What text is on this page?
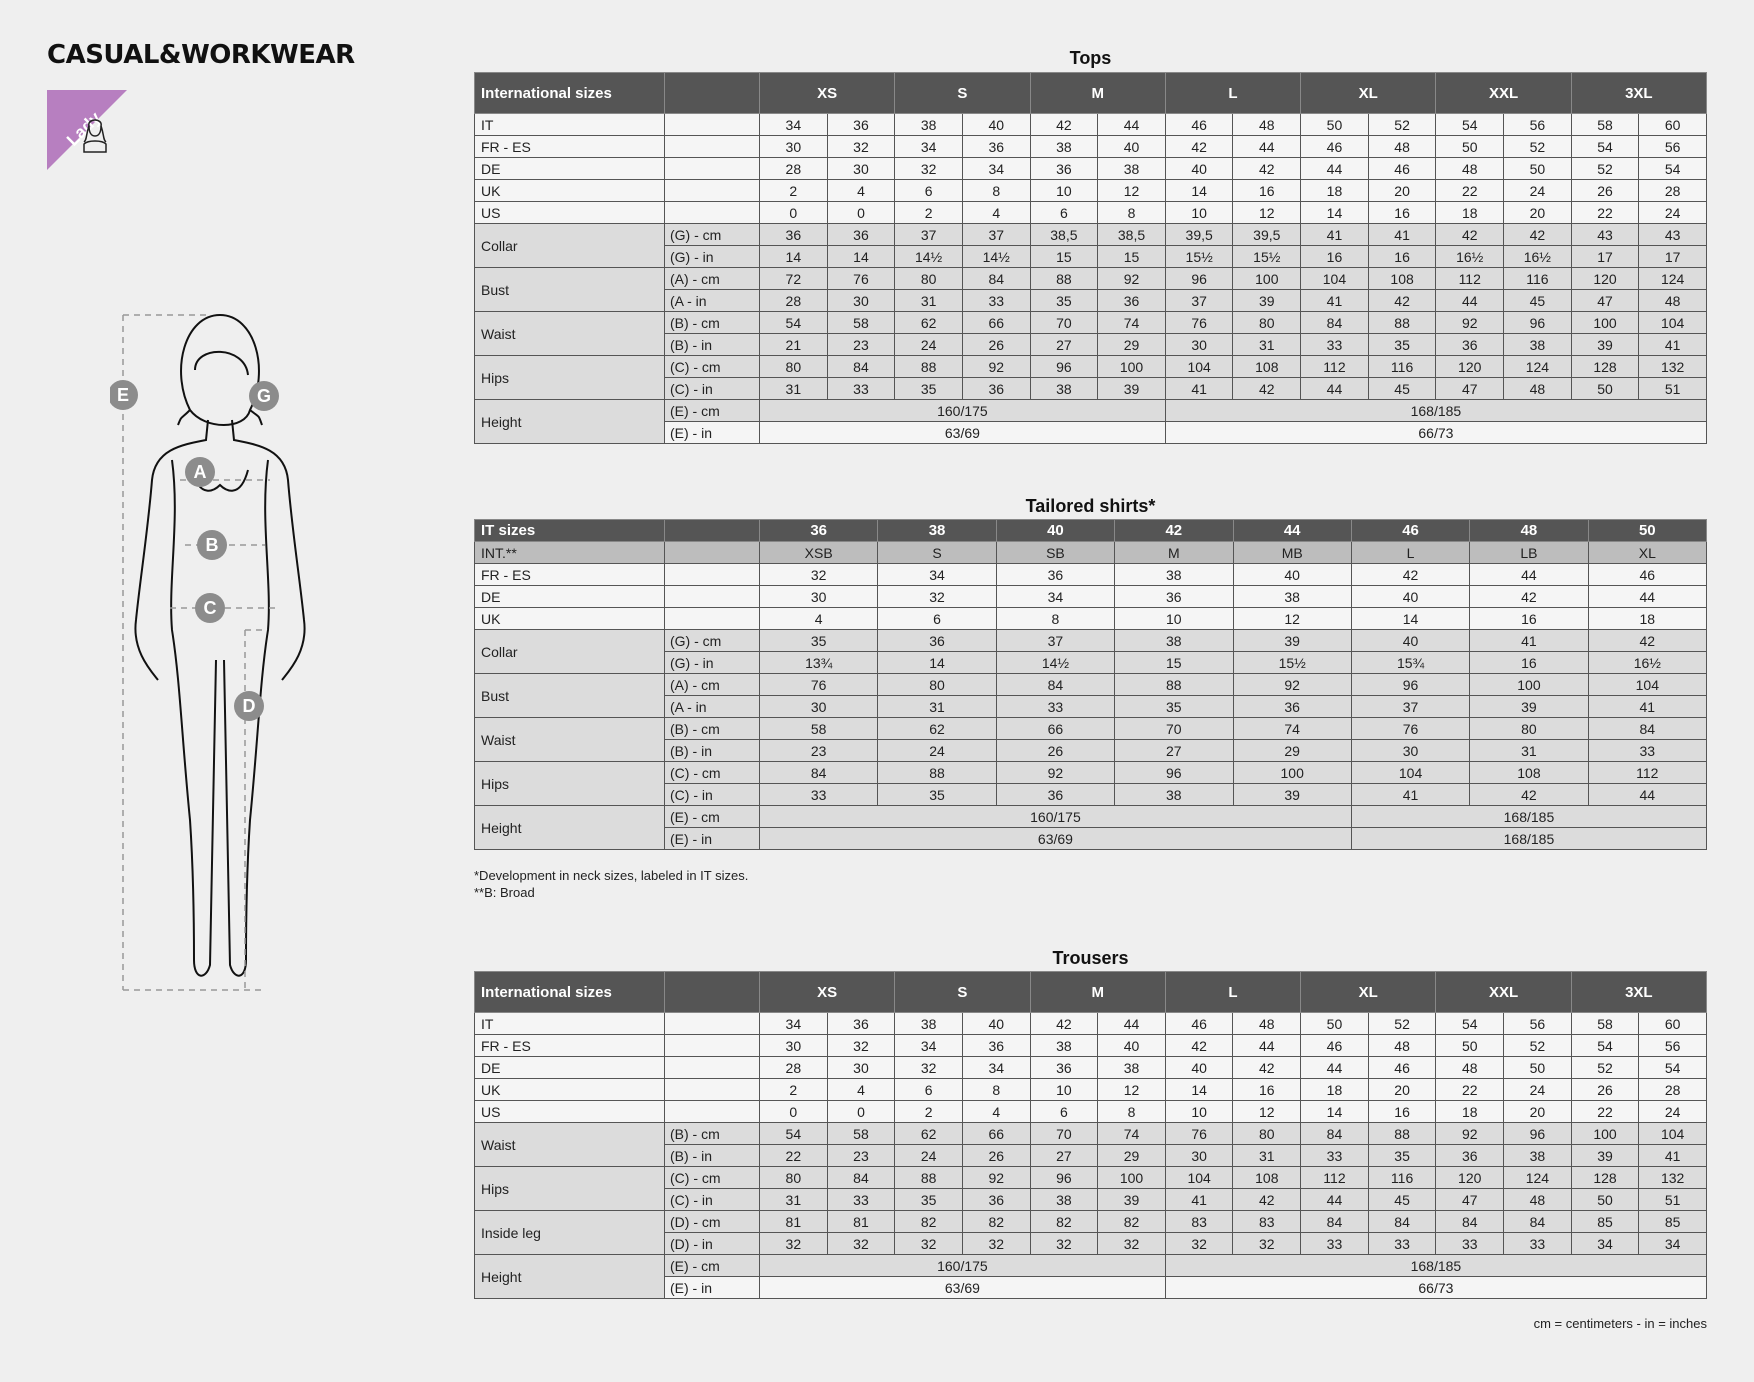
CASUAL&WORKWEAR
Lady
E	G
A
B
C
D
Tops
International sizes		XS		S		M		L		XL		XXL		3XL	
IT		34	36	38	40	42	44	46	48	50	52	54	56	58	60
FR - ES		30	32	34	36	38	40	42	44	46	48	50	52	54	56
DE		28	30	32	34	36	38	40	42	44	46	48	50	52	54
UK		2	4	6	8	10	12	14	16	18	20	22	24	26	28
US		0	0	2	4	6	8	10	12	14	16	18	20	22	24
Collar	(G) - cm	36	36	37	37	38,5	38,5	39,5	39,5	41	41	42	42	43	43
	(G) - in	14	14	14½	14½	15	15	15½	15½	16	16	16½	16½	17	17
Bust	(A) - cm	72	76	80	84	88	92	96	100	104	108	112	116	120	124
	(A - in	28	30	31	33	35	36	37	39	41	42	44	45	47	48
Waist	(B) - cm	54	58	62	66	70	74	76	80	84	88	92	96	100	104
	(B) - in	21	23	24	26	27	29	30	31	33	35	36	38	39	41
Hips	(C) - cm	80	84	88	92	96	100	104	108	112	116	120	124	128	132
	(C) - in	31	33	35	36	38	39	41	42	44	45	47	48	50	51
Height	(E) - cm	160/175						168/185							
	(E) - in	63/69						66/73							
Tailored shirts*
IT sizes		36	38	40	42	44	46	48	50
INT.**		XSB	S	SB	M	MB	L	LB	XL
FR - ES		32	34	36	38	40	42	44	46
DE		30	32	34	36	38	40	42	44
UK		4	6	8	10	12	14	16	18
Collar	(G) - cm	35	36	37	38	39	40	41	42
	(G) - in	13¾	14	14½	15	15½	15¾	16	16½
Bust	(A) - cm	76	80	84	88	92	96	100	104
	(A - in	30	31	33	35	36	37	39	41
Waist	(B) - cm	58	62	66	70	74	76	80	84
	(B) - in	23	24	26	27	29	30	31	33
Hips	(C) - cm	84	88	92	96	100	104	108	112
	(C) - in	33	35	36	38	39	41	42	44
Height	(E) - cm	160/175					168/185		
	(E) - in	63/69					168/185		
*Development in neck sizes, labeled in IT sizes.
**B: Broad
Trousers
International sizes		XS		S		M		L		XL		XXL		3XL	
IT		34	36	38	40	42	44	46	48	50	52	54	56	58	60
FR - ES		30	32	34	36	38	40	42	44	46	48	50	52	54	56
DE		28	30	32	34	36	38	40	42	44	46	48	50	52	54
UK		2	4	6	8	10	12	14	16	18	20	22	24	26	28
US		0	0	2	4	6	8	10	12	14	16	18	20	22	24
Waist	(B) - cm	54	58	62	66	70	74	76	80	84	88	92	96	100	104
	(B) - in	22	23	24	26	27	29	30	31	33	35	36	38	39	41
Hips	(C) - cm	80	84	88	92	96	100	104	108	112	116	120	124	128	132
	(C) - in	31	33	35	36	38	39	41	42	44	45	47	48	50	51
Inside leg	(D) - cm	81	81	82	82	82	82	83	83	84	84	84	84	85	85
	(D) - in	32	32	32	32	32	32	32	32	33	33	33	33	34	34
Height	(E) - cm	160/175						168/185							
	(E) - in	63/69						66/73							
cm = centimeters - in = inches
